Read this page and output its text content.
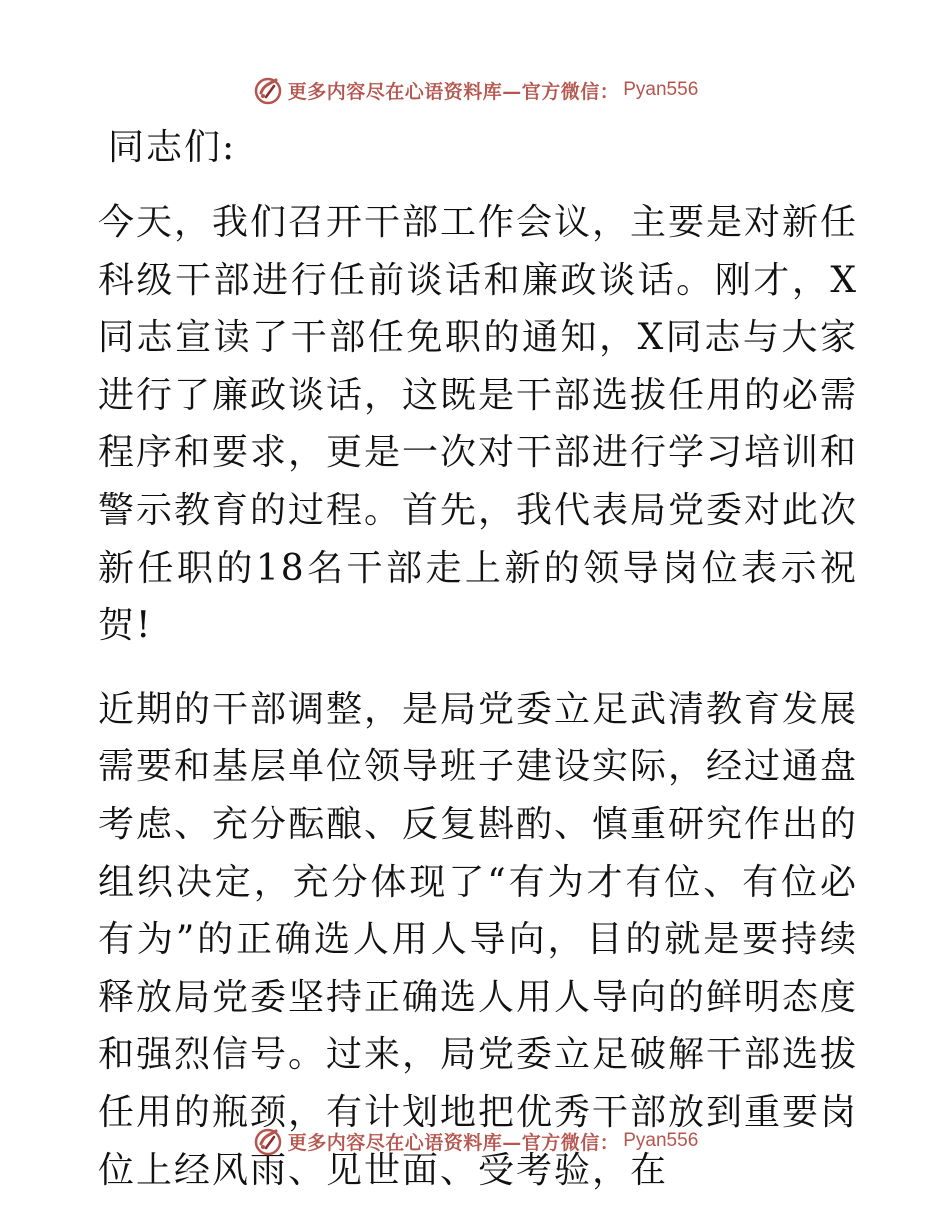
更多内容尽在心语资料库—官方微信： Pyan556

同志们:

今天，我们召开干部工作会议，主要是对新任科级干部进行任前谈话和廉政谈话。刚才，X同志宣读了干部任免职的通知，X同志与大家进行了廉政谈话，这既是干部选拔任用的必需程序和要求，更是一次对干部进行学习培训和警示教育的过程。首先，我代表局党委对此次新任职的18名干部走上新的领导岗位表示祝贺!

近期的干部调整，是局党委立足武清教育发展需要和基层单位领导班子建设实际，经过通盘考虑、充分酝酿、反复斟酌、慎重研究作出的组织决定，充分体现了“有为才有位、有位必有为”的正确选人用人导向，目的就是要持续释放局党委坚持正确选人用人导向的鲜明态度和强烈信号。过来，局党委立足破解干部选拔任用的瓶颈，有计划地把优秀干部放到重要岗位上经风雨、见世面、受考验，在

更多内容尽在心语资料库—官方微信： Pyan556
